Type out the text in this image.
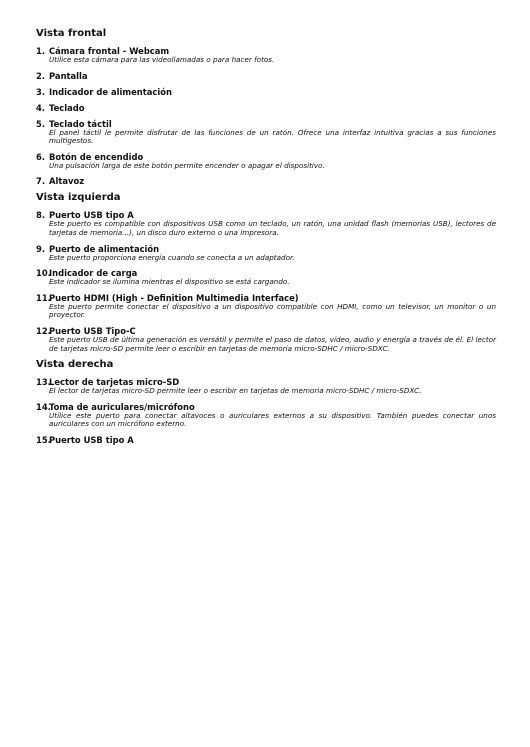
Vista frontal
1. Cámara frontal - Webcam
Utilice esta cámara para las videollamadas o para hacer fotos.
2. Pantalla
3. Indicador de alimentación
4. Teclado
5. Teclado táctil
El panel táctil le permite disfrutar de las funciones de un ratón. Ofrece una interfaz intuitiva gracias a sus funciones multigestos.
6. Botón de encendido
Una pulsación larga de este botón permite encender o apagar el dispositivo.
7. Altavoz
Vista izquierda
8. Puerto USB tipo A
Este puerto es compatible con dispositivos USB como un teclado, un ratón, una unidad flash (memorias USB), lectores de tarjetas de memoria...), un disco duro externo o una impresora.
9. Puerto de alimentación
Este puerto proporciona energía cuando se conecta a un adaptador.
10.
Indicador de carga
Este indicador se ilumina mientras el dispositivo se está cargando.
11.
Puerto HDMI (High - Definition Multimedia Interface)
Este puerto permite conectar el dispositivo a un dispositivo compatible con HDMI, como un televisor, un monitor o un proyector.
12.
Puerto USB Tipo-C
Este puerto USB de última generación es versátil y permite el paso de datos, vídeo, audio y energía a través de él. El lector de tarjetas micro-SD permite leer o escribir en tarjetas de memoria micro-SDHC / micro-SDXC.
Vista derecha
13.
Lector de tarjetas micro-SD
El lector de tarjetas micro-SD permite leer o escribir en tarjetas de memoria micro-SDHC / micro-SDXC.
14.
Toma de auriculares/micrófono
Utilice este puerto para conectar altavoces o auriculares externos a su dispositivo. También puedes conectar unos auriculares con un micrófono externo.
15.
Puerto USB tipo A
